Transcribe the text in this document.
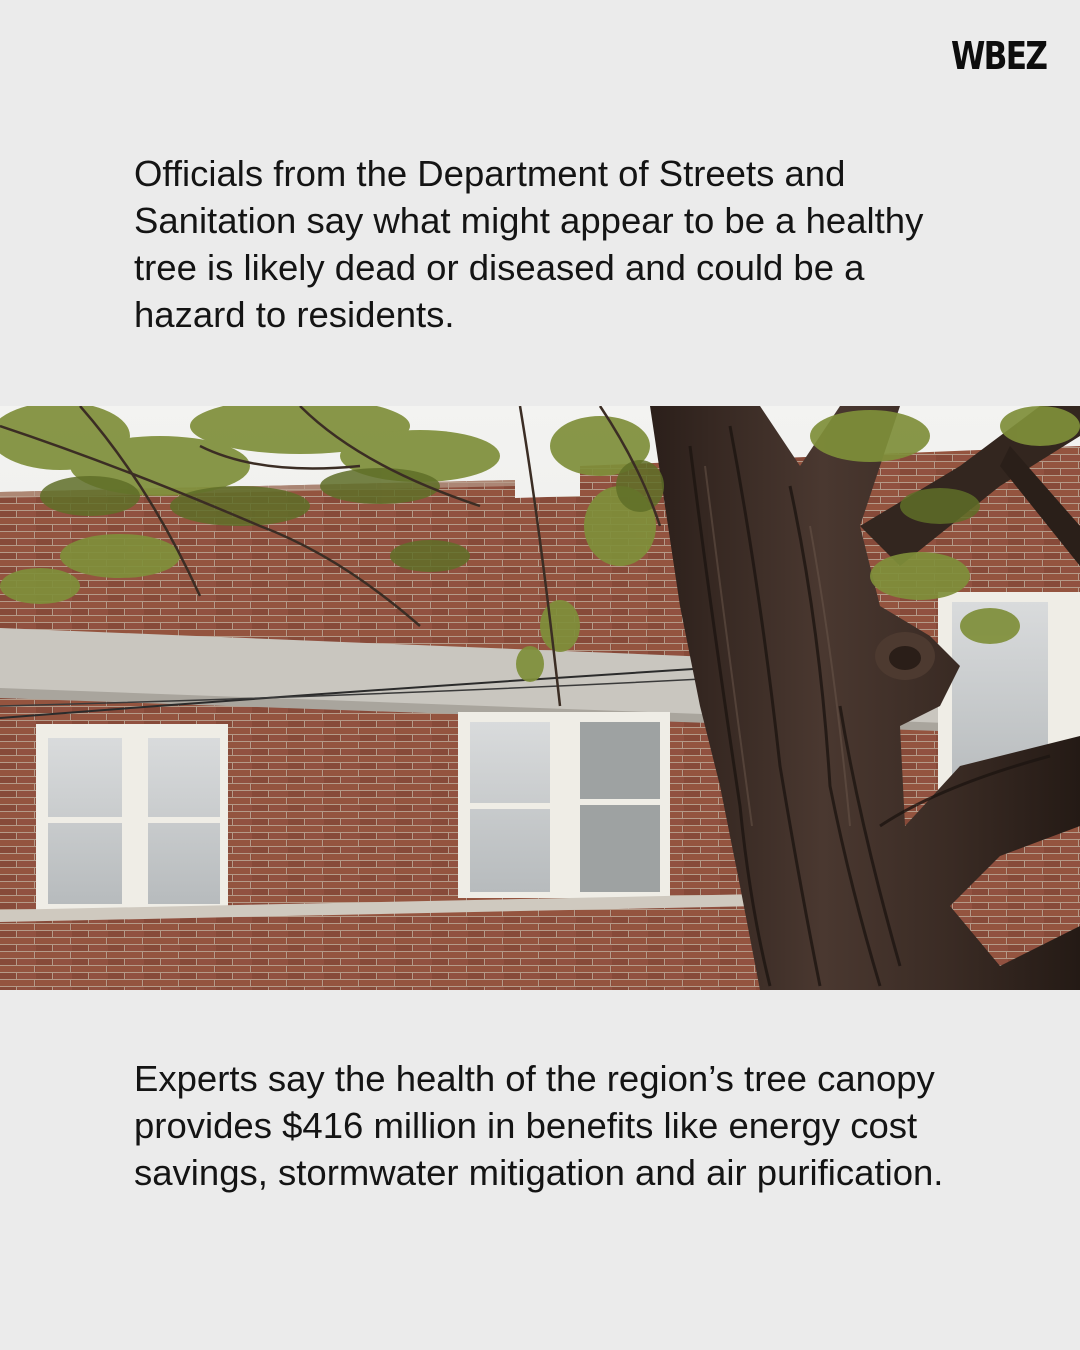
WBEZ

Officials from the Department of Streets and Sanitation say what might appear to be a healthy tree is likely dead or diseased and could be a hazard to residents.

Experts say the health of the region’s tree canopy provides $416 million in benefits like energy cost savings, stormwater mitigation and air purification.
